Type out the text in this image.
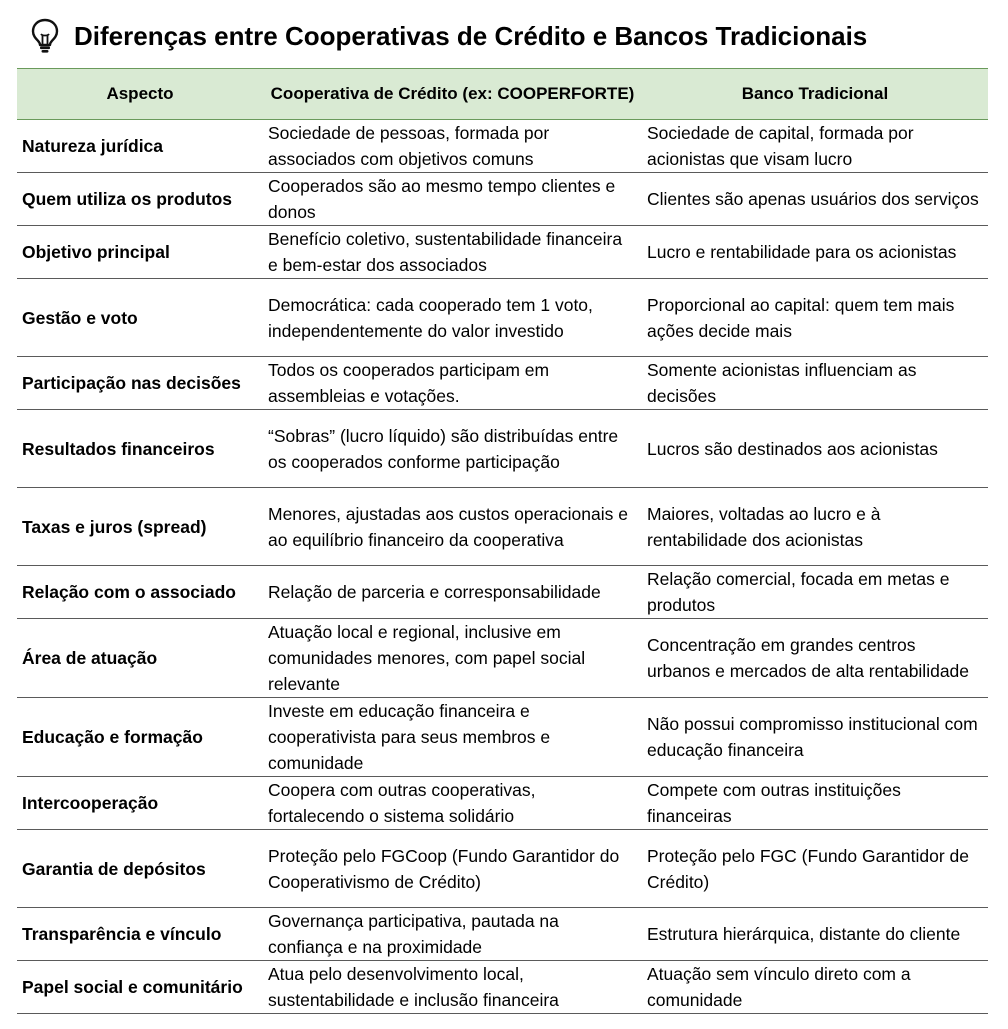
Diferenças entre Cooperativas de Crédito e Bancos Tradicionais
Aspecto	Cooperativa de Crédito (ex: COOPERFORTE)	Banco Tradicional
Natureza jurídica	Sociedade de pessoas, formada por associados com objetivos comuns	Sociedade de capital, formada por acionistas que visam lucro
Quem utiliza os produtos	Cooperados são ao mesmo tempo clientes e donos	Clientes são apenas usuários dos serviços
Objetivo principal	Benefício coletivo, sustentabilidade financeira e bem-estar dos associados	Lucro e rentabilidade para os acionistas
Gestão e voto	Democrática: cada cooperado tem 1 voto, independentemente do valor investido	Proporcional ao capital: quem tem mais ações decide mais
Participação nas decisões	Todos os cooperados participam em assembleias e votações.	Somente acionistas influenciam as decisões
Resultados financeiros	“Sobras” (lucro líquido) são distribuídas entre os cooperados conforme participação	Lucros são destinados aos acionistas
Taxas e juros (spread)	Menores, ajustadas aos custos operacionais e ao equilíbrio financeiro da cooperativa	Maiores, voltadas ao lucro e à rentabilidade dos acionistas
Relação com o associado	Relação de parceria e corresponsabilidade	Relação comercial, focada em metas e produtos
Área de atuação	Atuação local e regional, inclusive em comunidades menores, com papel social relevante	Concentração em grandes centros urbanos e mercados de alta rentabilidade
Educação e formação	Investe em educação financeira e cooperativista para seus membros e comunidade	Não possui compromisso institucional com educação financeira
Intercooperação	Coopera com outras cooperativas, fortalecendo o sistema solidário	Compete com outras instituições financeiras
Garantia de depósitos	Proteção pelo FGCoop (Fundo Garantidor do Cooperativismo de Crédito)	Proteção pelo FGC (Fundo Garantidor de Crédito)
Transparência e vínculo	Governança participativa, pautada na confiança e na proximidade	Estrutura hierárquica, distante do cliente
Papel social e comunitário	Atua pelo desenvolvimento local, sustentabilidade e inclusão financeira	Atuação sem vínculo direto com a comunidade
